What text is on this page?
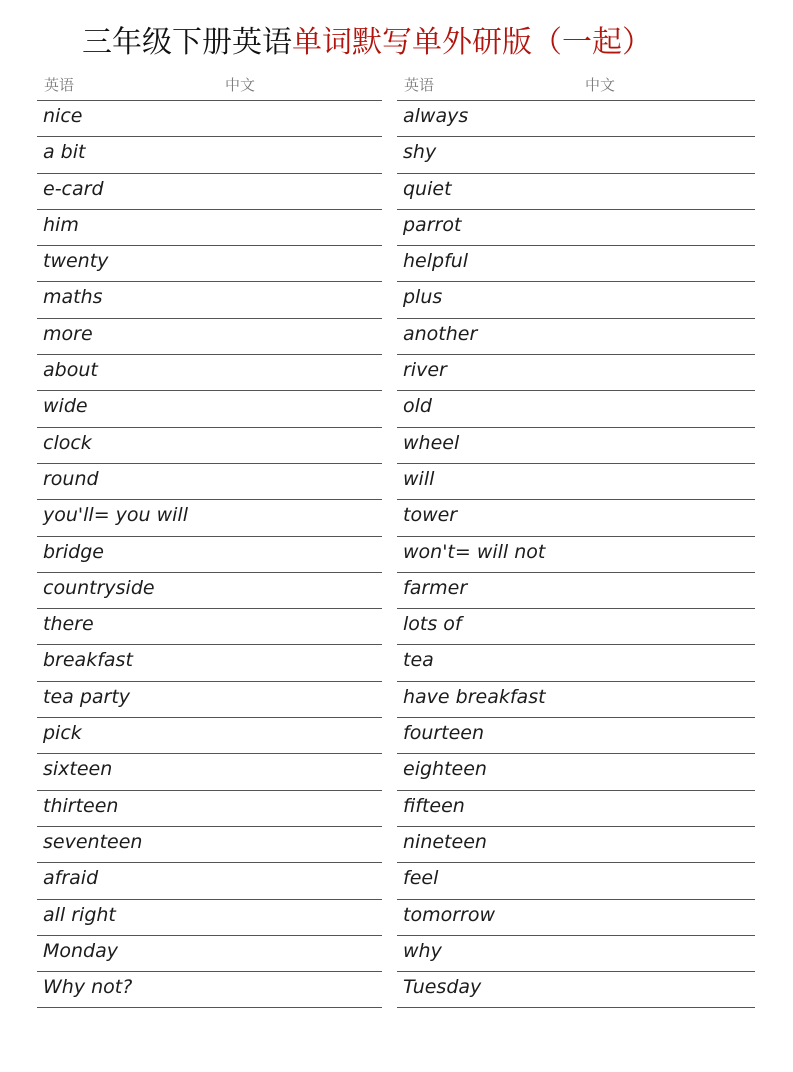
三年级下册英语单词默写单外研版（一起）
英语	中文
nice
a bit
e-card
him
twenty
maths
more
about
wide
clock
round
you'll= you will
bridge
countryside
there
breakfast
tea party
pick
sixteen
thirteen
seventeen
afraid
all right
Monday
Why not?
英语	中文
always
shy
quiet
parrot
helpful
plus
another
river
old
wheel
will
tower
won't= will not
farmer
lots of
tea
have breakfast
fourteen
eighteen
fifteen
nineteen
feel
tomorrow
why
Tuesday
